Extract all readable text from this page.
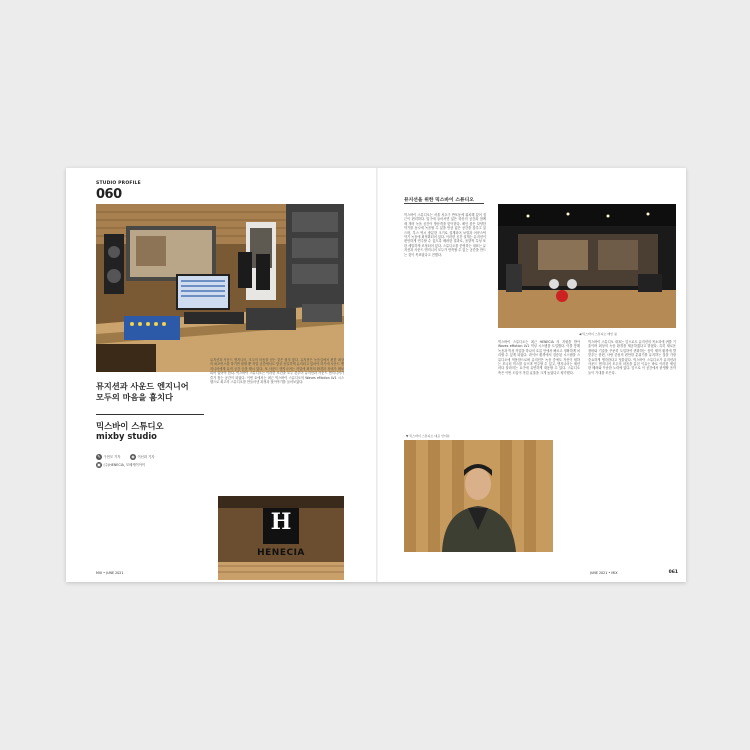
STUDIO PROFILE
060
뮤지션과 사운드 엔지니어
모두의 마음을 훔치다
믹스바이 스튜디오
mixby studio
✎ 구현모 기자	◉ 이선화 기자
▣ (주)HENECIA, 모베케이아이
뮤지션과 사운드 엔지니어, 모두의 마음을 얻는 것은 쉽지 않다. 뮤지션은 녹음실에서 편한 최상의 퍼포먼스를 하기만 원할 뿐 작업 공간에서도 항상 동일하게 유지되고 있어야 하기에 사운드 엔지니어에게 뮤직 공간 등을 제시 있다. 또 사운드 엔지니어는 작업에 최적의 환경과 장비가 확보되어 있어야 한다. 믹스바이 스튜디오는 이러한 조건을 모두 갖추어 뮤지션과 사운드 엔지니어가 즐겨 찾는 공간이 되었다. 이번 호에서는 최근 믹스바이 스튜디오의 Waves eMotion LV1 시스템으로 최고의 스튜디오를 만들어낸 과정과 뒷이야기를 들어보았다.
H
HENECIA
MIX • JUNE 2021
뮤지션을 위한 믹스바이 스튜디오
믹스바이 스튜디오는 서울 서초구 반포동에 위치해 있어 접근이 편리하다. 입구에 들어서면 넓은 라운지 공간과 함께 세 개의 녹음 공간이 방문객을 맞이한다. 메인 룸은 다양한 악기를 동시에 녹음할 수 있을 만큼 넓은 공간을 갖추고 있으며, 부스 역시 충분한 크기로 설계되어 보컬과 어쿠스틱 악기 녹음에 최적화되어 있다. 이러한 공간 설계는 뮤지션이 편안하게 연주할 수 있도록 배려한 결과로, 음향적 특성 또한 세밀하게 조정되어 있다. 스튜디오를 운영하는 대표는 뮤지션과 사운드 엔지니어 모두가 만족할 수 있는 공간을 만드는 것이 목표였다고 전했다.
◀ 믹스바이 스튜디오 메인 룸
▼ 믹스바이 스튜디오 대표 인터뷰
믹스바이 스튜디오는 최근 HENECIA 의 지원을 받아 Waves eMotion LV1 믹싱 시스템을 도입했다. 이를 통해 녹음과 믹싱 작업을 하나의 흐름 안에서 빠르고 정확하게 처리할 수 있게 되었다. 라이브 환경에서 검증된 시스템을 스튜디오에 적용함으로써 뮤지션은 녹음 중에도 자신이 원하는 모니터 믹스를 들으며 연주할 수 있고, 엔지니어는 세션마다 달라지는 요구에 유연하게 대응할 수 있다. 스튜디오 측은 이번 도입이 작업 효율을 크게 높였다고 평가했다.
믹스바이 스튜디오 대표는 앞으로도 뮤지션의 목소리에 귀를 기울이며 최상의 녹음 환경을 제공하겠다고 밝혔다. 특히 새로운 장비와 기술을 꾸준히 도입하여 변화하는 음악 제작 환경에 발맞추는 한편, 사람 중심의 편안한 분위기를 유지하는 것을 가장 중요하게 생각한다고 덧붙였다. 믹스바이 스튜디오가 뮤지션과 사운드 엔지니어 모두의 마음을 훔친 이유는 바로 이러한 세심한 배려와 꾸준한 노력에 있다. 앞으로 이 공간에서 탄생할 음악들이 기대를 모은다.
JUNE 2021 • MIX	061
